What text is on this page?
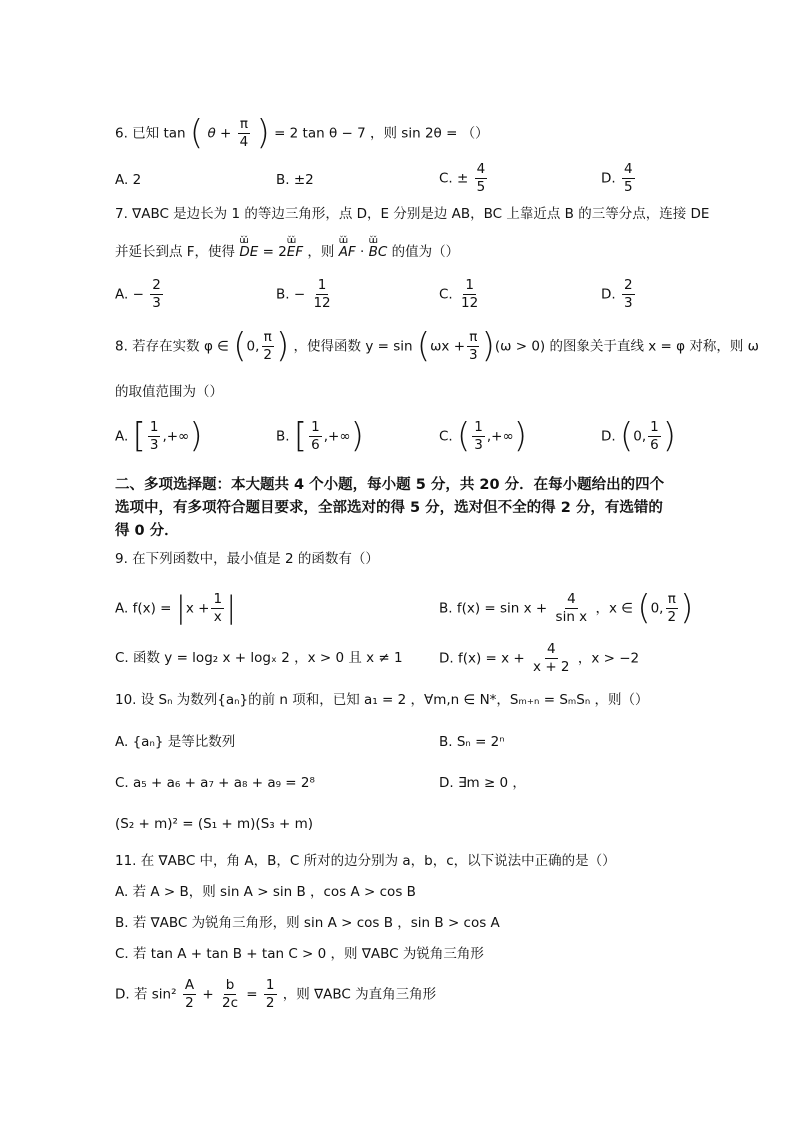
6. 已知 tan ( $\theta + \frac{\pi}{4}$ ) = 2 tan θ − 7 ，则 sin 2θ = （）
A. 2	B. ±2	C. ± $\frac{4}{5}$	D. $\frac{4}{5}$
7. ∇ABC 是边长为 1 的等边三角形，点 D，E 分别是边 AB，BC 上靠近点 B 的三等分点，连接 DE
并延长到点 F，使得 ǔǔ DE = 2ǔǔ EF ，则 ǔǔ AF · ǔǔ BC 的值为（）
A. − $\frac{2}{3}$	B. − $\frac{1}{12}$	C. $\frac{1}{12}$	D. $\frac{2}{3}$
8. 若存在实数 φ ∈ (0, $\frac{\pi}{2}$ ) ，使得函数 $y = \sin (\omega x + \frac{\pi}{3} )(\omega > 0)$ 的图象关于直线 x = φ 对称，则 ω
的取值范围为（）
A. [ $\frac{1}{3}$ ,+∞)	B. [ $\frac{1}{6}$ ,+∞)	C. ( $\frac{1}{3}$ ,+∞)	D. (0, $\frac{1}{6}$ )
二、多项选择题：本大题共 4 个小题，每小题 5 分，共 20 分．在每小题给出的四个
选项中，有多项符合题目要求，全部选对的得 5 分，选对但不全的得 2 分，有选错的
得 0 分．
9. 在下列函数中，最小值是 2 的函数有（）
A. $f(x) = |x + \frac{1}{x}$ |	B. $f(x) = \sin x + \frac{4}{\text{sin x}}$ ，x ∈ (0, $\frac{\pi}{2}$ )
C. 函数 y = log₂ x + logₓ 2 ，x > 0 且 x ≠ 1	D. $f(x) = x + \frac{4}{x + 2}$ ，x > −2
10. 设 Sₙ 为数列{aₙ}的前 n 项和，已知 a₁ = 2 ，∀m,n ∈ N*，Sₘ₊ₙ = SₘSₙ ，则（）
A. {aₙ} 是等比数列	B. Sₙ = 2ⁿ
C. a₅ + a₆ + a₇ + a₈ + a₉ = 2⁸	D. ∃m ≥ 0 ，
(S₂ + m)² = (S₁ + m)(S₃ + m)
11. 在 ∇ABC 中，角 A，B，C 所对的边分别为 a，b，c，以下说法中正确的是（）
A. 若 A > B，则 sin A > sin B ，cos A > cos B
B. 若 ∇ABC 为锐角三角形，则 sin A > cos B ，sin B > cos A
C. 若 tan A + tan B + tan C > 0 ，则 ∇ABC 为锐角三角形
D. 若 $\sin^2 \frac{A}{2} + \frac{b}{2c} = \frac{1}{2}$ ，则 ∇ABC 为直角三角形
